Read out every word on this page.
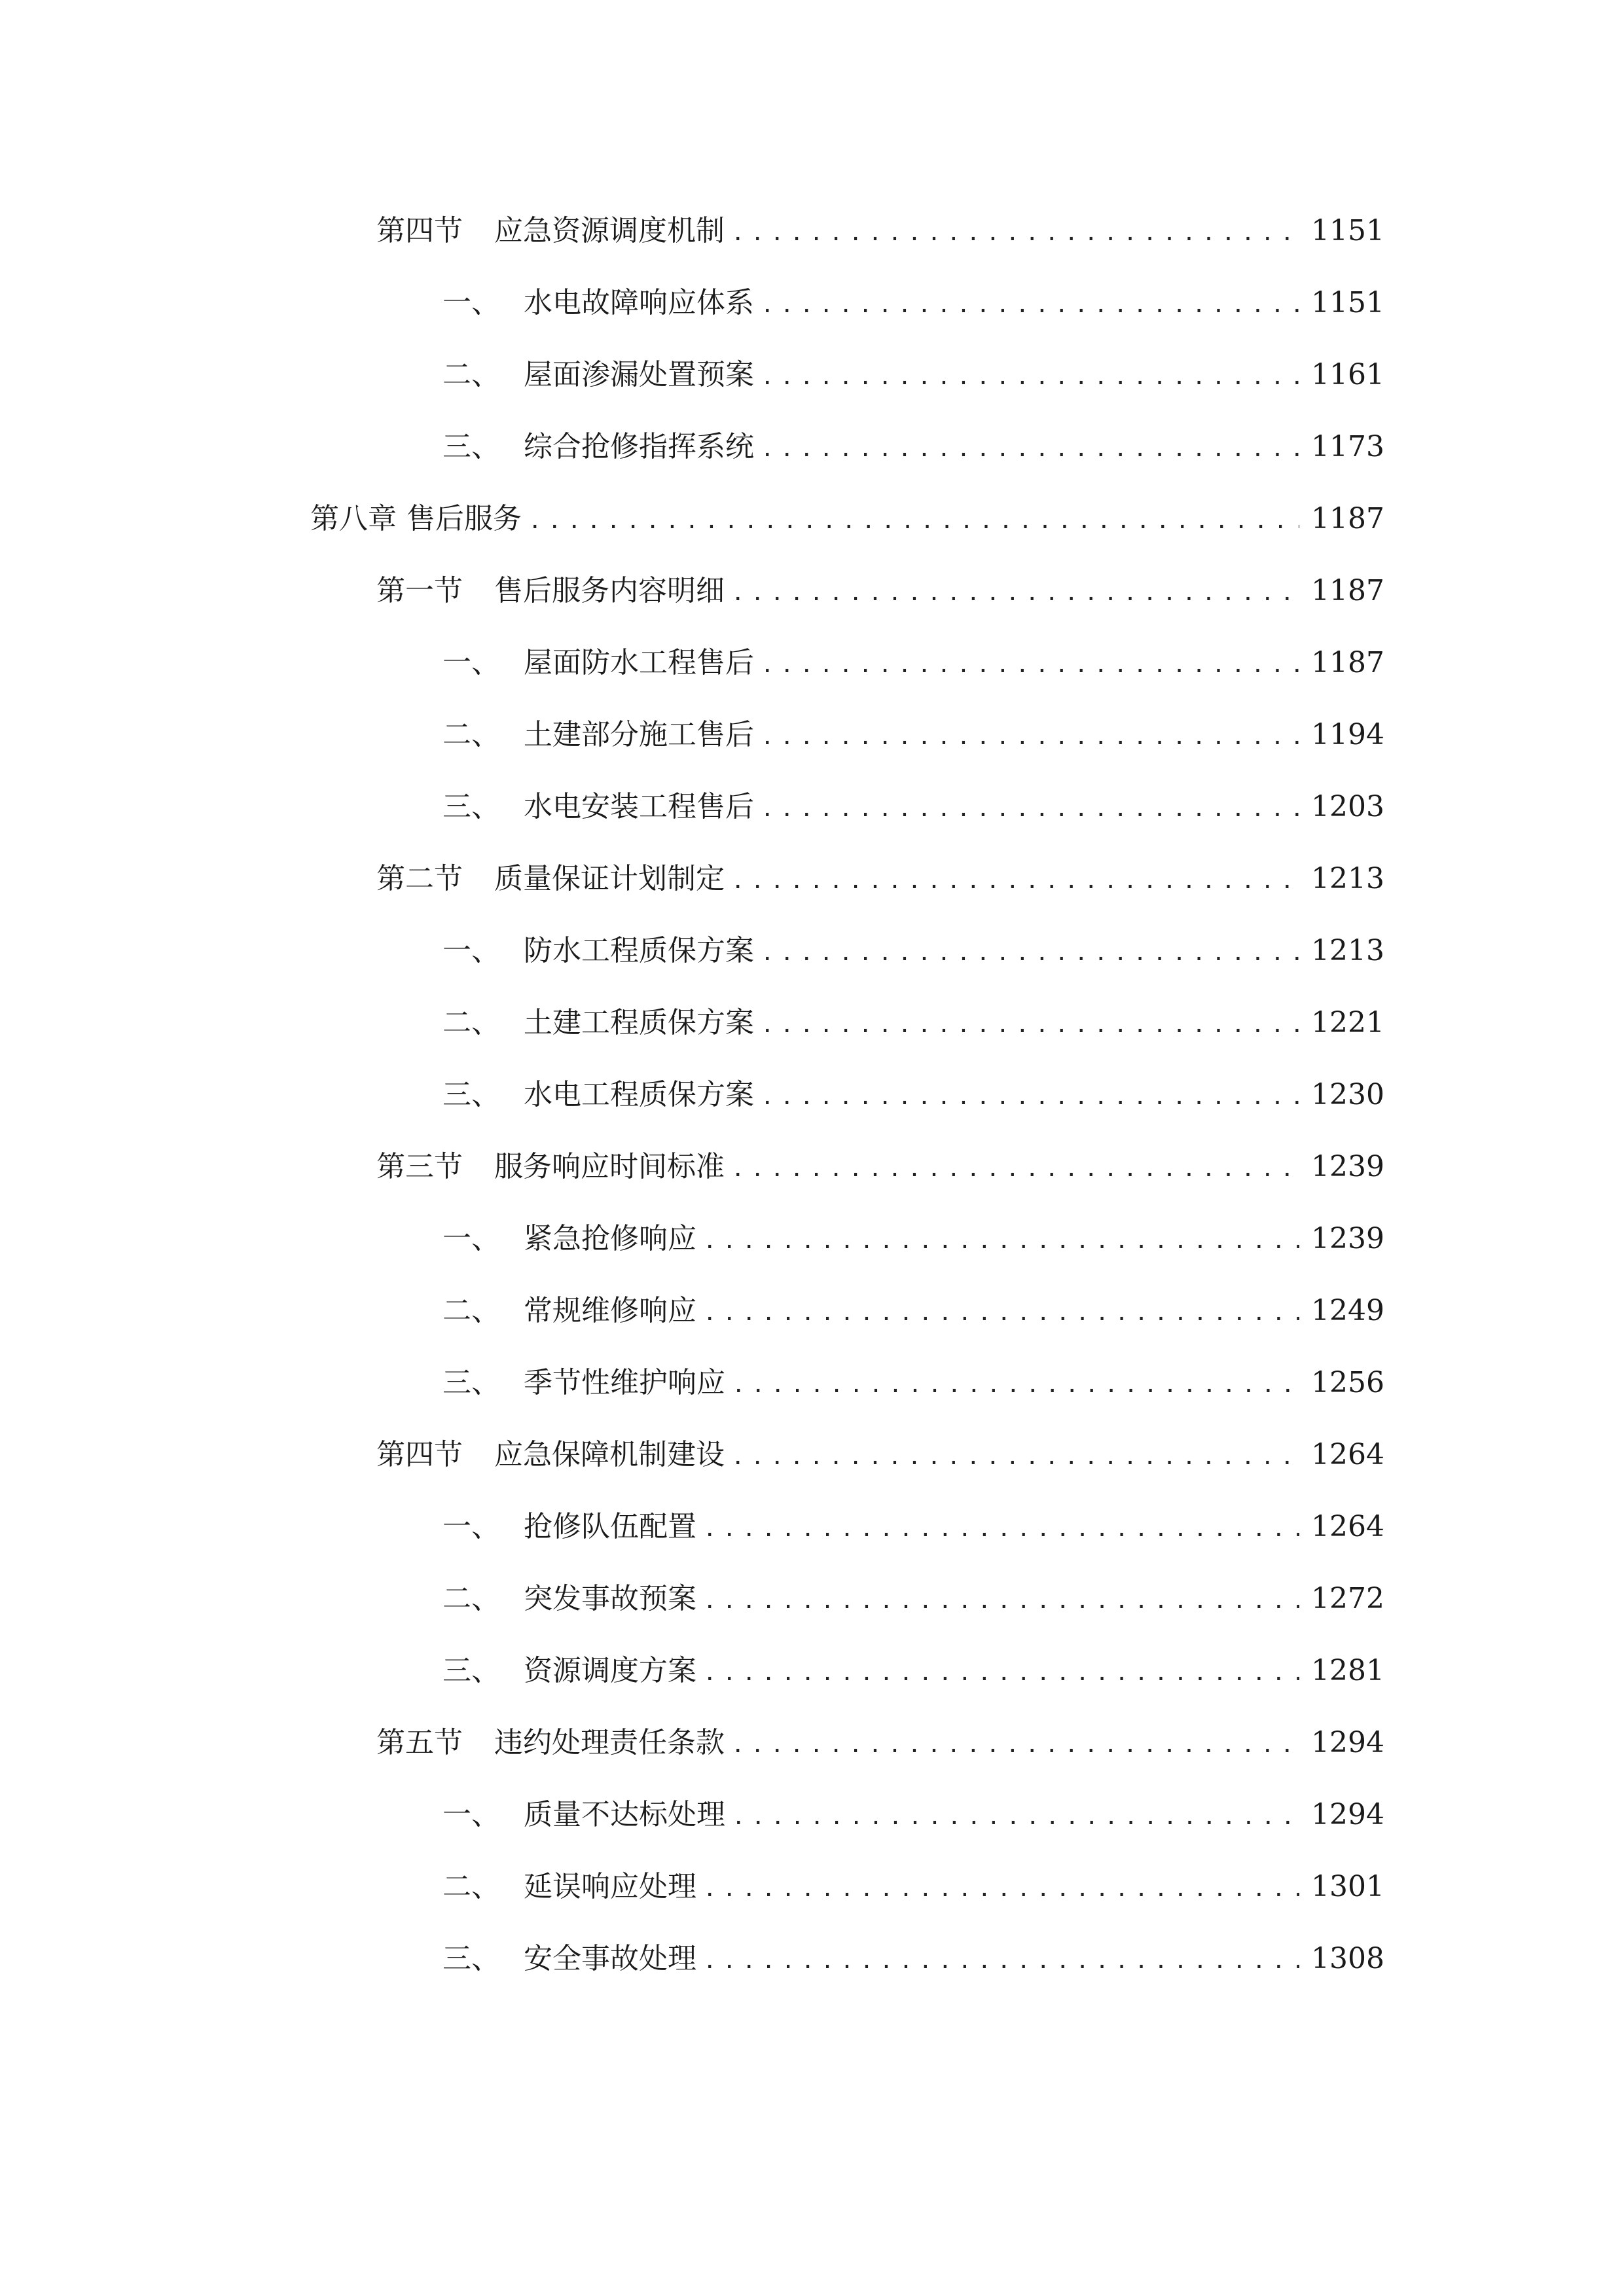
第四节	应急资源调度机制 .....	1151
一、 水电故障响应体系 .....	1151
二、 屋面渗漏处置预案 .....	1161
三、 综合抢修指挥系统 .....	1173
第八章 售后服务 .....	1187
第一节	售后服务内容明细 .....	1187
一、 屋面防水工程售后 .....	1187
二、 土建部分施工售后 .....	1194
三、 水电安装工程售后 .....	1203
第二节	质量保证计划制定 .....	1213
一、 防水工程质保方案 .....	1213
二、 土建工程质保方案 .....	1221
三、 水电工程质保方案 .....	1230
第三节	服务响应时间标准 .....	1239
一、 紧急抢修响应 .....	1239
二、 常规维修响应 .....	1249
三、 季节性维护响应 .....	1256
第四节	应急保障机制建设 .....	1264
一、 抢修队伍配置 .....	1264
二、 突发事故预案 .....	1272
三、 资源调度方案 .....	1281
第五节	违约处理责任条款 .....	1294
一、 质量不达标处理 .....	1294
二、 延误响应处理 .....	1301
三、 安全事故处理 .....	1308
